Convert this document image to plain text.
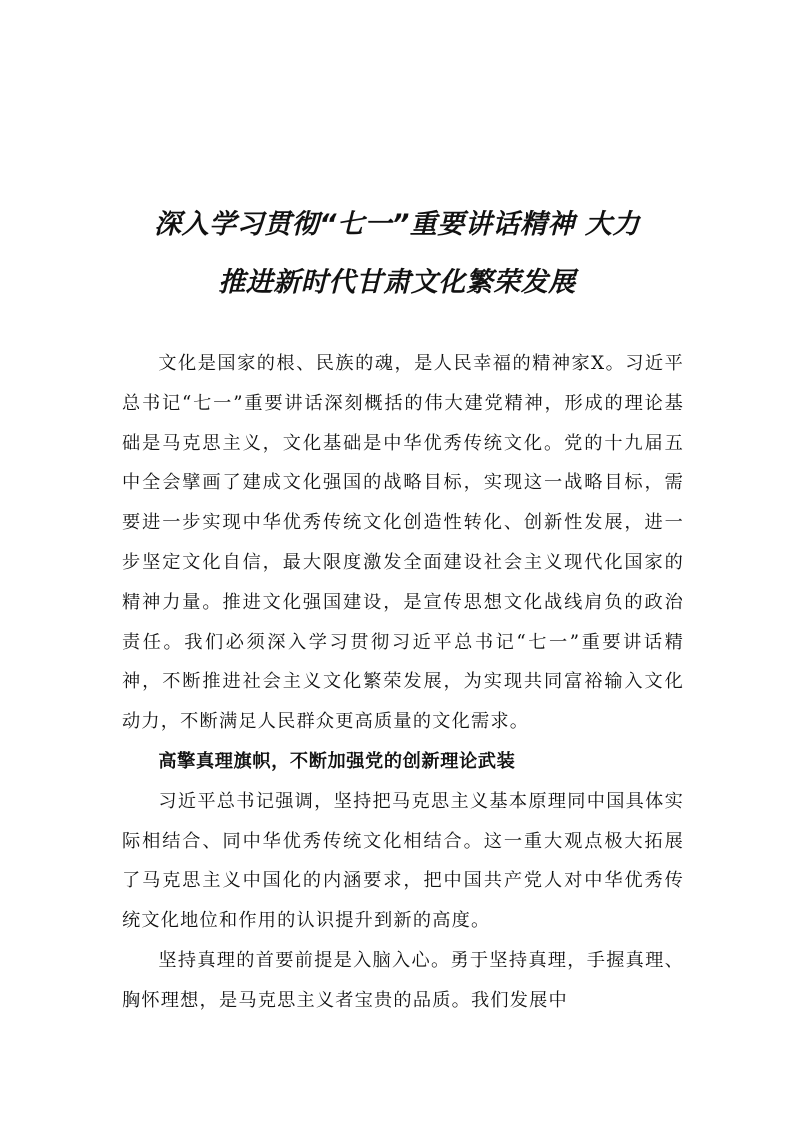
深入学习贯彻“七一”重要讲话精神 大力
推进新时代甘肃文化繁荣发展

文化是国家的根、民族的魂，是人民幸福的精神家X。习近平总书记“七一”重要讲话深刻概括的伟大建党精神，形成的理论基础是马克思主义，文化基础是中华优秀传统文化。党的十九届五中全会擘画了建成文化强国的战略目标，实现这一战略目标，需要进一步实现中华优秀传统文化创造性转化、创新性发展，进一步坚定文化自信，最大限度激发全面建设社会主义现代化国家的精神力量。推进文化强国建设，是宣传思想文化战线肩负的政治责任。我们必须深入学习贯彻习近平总书记“七一”重要讲话精神，不断推进社会主义文化繁荣发展，为实现共同富裕输入文化动力，不断满足人民群众更高质量的文化需求。

高擎真理旗帜，不断加强党的创新理论武装

习近平总书记强调，坚持把马克思主义基本原理同中国具体实际相结合、同中华优秀传统文化相结合。这一重大观点极大拓展了马克思主义中国化的内涵要求，把中国共产党人对中华优秀传统文化地位和作用的认识提升到新的高度。

坚持真理的首要前提是入脑入心。勇于坚持真理，手握真理、胸怀理想，是马克思主义者宝贵的品质。我们发展中
